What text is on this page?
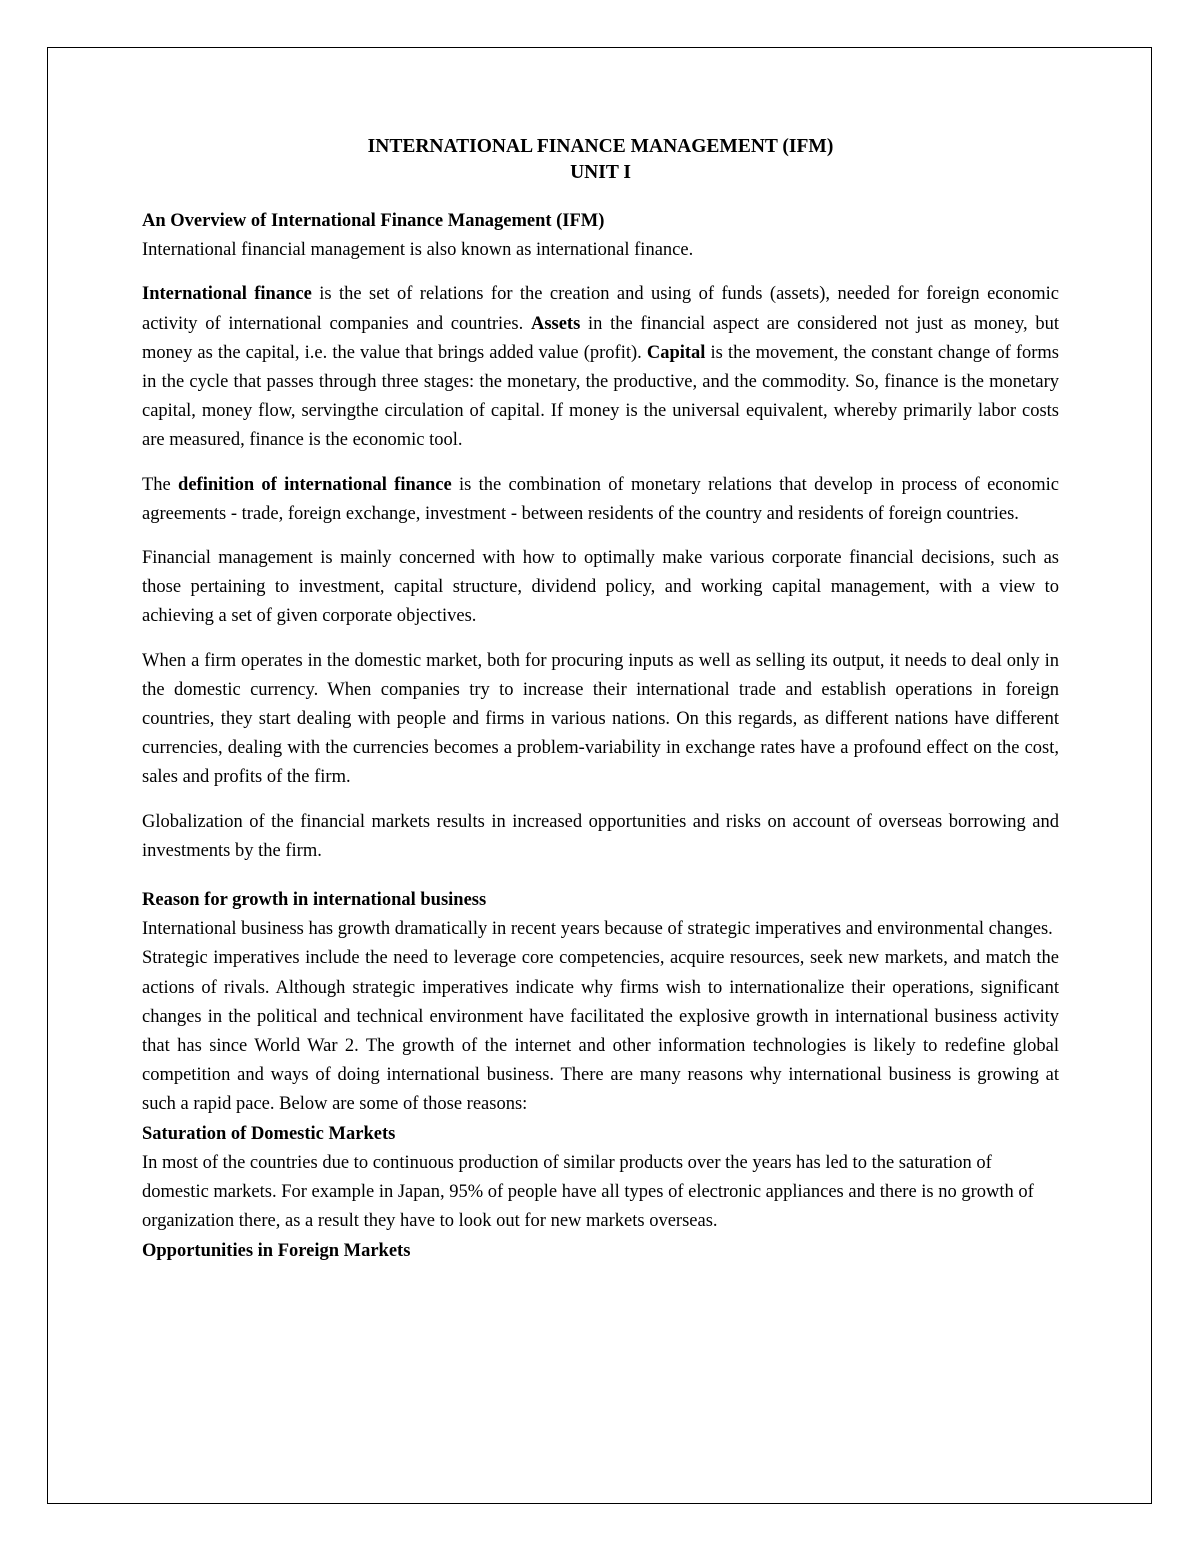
INTERNATIONAL FINANCE MANAGEMENT (IFM)
UNIT I
An Overview of International Finance Management (IFM)

International financial management is also known as international finance.

International finance is the set of relations for the creation and using of funds (assets), needed for foreign economic activity of international companies and countries. Assets in the financial aspect are considered not just as money, but money as the capital, i.e. the value that brings added value (profit). Capital is the movement, the constant change of forms in the cycle that passes through three stages: the monetary, the productive, and the commodity. So, finance is the monetary capital, money flow, servingthe circulation of capital. If money is the universal equivalent, whereby primarily labor costs are measured, finance is the economic tool.

The definition of international finance is the combination of monetary relations that develop in process of economic agreements - trade, foreign exchange, investment - between residents of the country and residents of foreign countries.

Financial management is mainly concerned with how to optimally make various corporate financial decisions, such as those pertaining to investment, capital structure, dividend policy, and working capital management, with a view to achieving a set of given corporate objectives.

When a firm operates in the domestic market, both for procuring inputs as well as selling its output, it needs to deal only in the domestic currency. When companies try to increase their international trade and establish operations in foreign countries, they start dealing with people and firms in various nations. On this regards, as different nations have different currencies, dealing with the currencies becomes a problem-variability in exchange rates have a profound effect on the cost, sales and profits of the firm.

Globalization of the financial markets results in increased opportunities and risks on account of overseas borrowing and investments by the firm.

Reason for growth in international business

International business has growth dramatically in recent years because of strategic imperatives and environmental changes.

Strategic imperatives include the need to leverage core competencies, acquire resources, seek new markets, and match the actions of rivals. Although strategic imperatives indicate why firms wish to internationalize their operations, significant changes in the political and technical environment have facilitated the explosive growth in international business activity that has since World War 2. The growth of the internet and other information technologies is likely to redefine global competition and ways of doing international business. There are many reasons why international business is growing at such a rapid pace. Below are some of those reasons:

Saturation of Domestic Markets

In most of the countries due to continuous production of similar products over the years has led to the saturation of domestic markets. For example in Japan, 95% of people have all types of electronic appliances and there is no growth of organization there, as a result they have to look out for new markets overseas.

Opportunities in Foreign Markets
